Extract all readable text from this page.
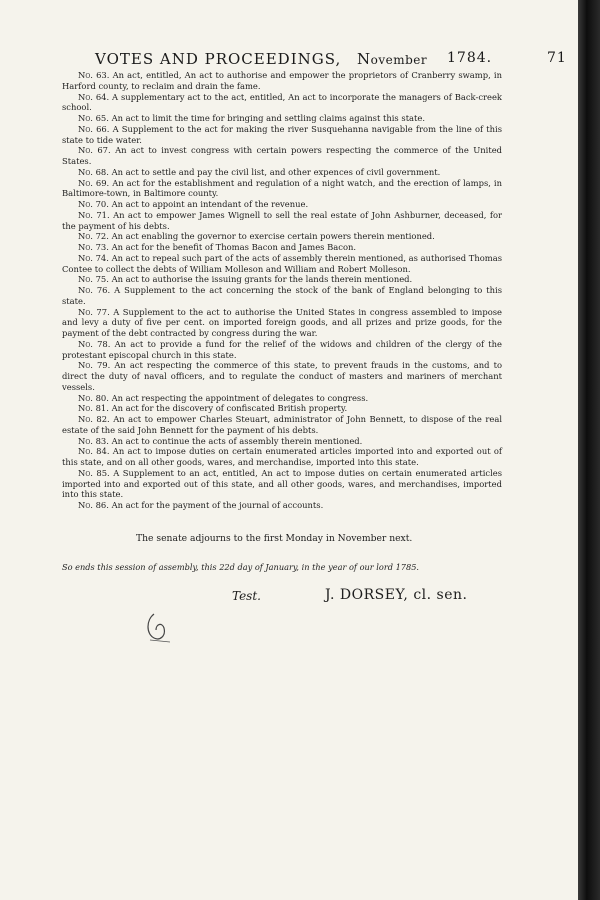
VOTES AND PROCEEDINGS, November 1784.	71

No. 63. An act, entitled, An act to authorise and empower the proprietors of Cranberry swamp, in Harford county, to reclaim and drain the fame.

No. 64. A supplementary act to the act, entitled, An act to incorporate the managers of Back-creek school.

No. 65. An act to limit the time for bringing and settling claims against this state.

No. 66. A Supplement to the act for making the river Susquehanna navigable from the line of this state to tide water.

No. 67. An act to invest congress with certain powers respecting the commerce of the United States.

No. 68. An act to settle and pay the civil list, and other expences of civil government.

No. 69. An act for the establishment and regulation of a night watch, and the erection of lamps, in Baltimore-town, in Baltimore county.

No. 70. An act to appoint an intendant of the revenue.

No. 71. An act to empower James Wignell to sell the real estate of John Ashburner, deceased, for the payment of his debts.

No. 72. An act enabling the governor to exercise certain powers therein mentioned.

No. 73. An act for the benefit of Thomas Bacon and James Bacon.

No. 74. An act to repeal such part of the acts of assembly therein mentioned, as authorised Thomas Contee to collect the debts of William Molleson and William and Robert Molleson.

No. 75. An act to authorise the issuing grants for the lands therein mentioned.

No. 76. A Supplement to the act concerning the stock of the bank of England belonging to this state.

No. 77. A Supplement to the act to authorise the United States in congress assembled to impose and levy a duty of five per cent. on imported foreign goods, and all prizes and prize goods, for the payment of the debt contracted by congress during the war.

No. 78. An act to provide a fund for the relief of the widows and children of the clergy of the protestant episcopal church in this state.

No. 79. An act respecting the commerce of this state, to prevent frauds in the customs, and to direct the duty of naval officers, and to regulate the conduct of masters and mariners of merchant vessels.

No. 80. An act respecting the appointment of delegates to congress.

No. 81. An act for the discovery of confiscated British property.

No. 82. An act to empower Charles Steuart, administrator of John Bennett, to dispose of the real estate of the said John Bennett for the payment of his debts.

No. 83. An act to continue the acts of assembly therein mentioned.

No. 84. An act to impose duties on certain enumerated articles imported into and exported out of this state, and on all other goods, wares, and merchandise, imported into this state.

No. 85. A Supplement to an act, entitled, An act to impose duties on certain enumerated articles imported into and exported out of this state, and all other goods, wares, and merchandises, imported into this state.

No. 86. An act for the payment of the journal of accounts.

The senate adjourns to the first Monday in November next.
So ends this session of assembly, this 22d day of January, in the year of our lord 1785.
Test.	J. DORSEY, cl. sen.
